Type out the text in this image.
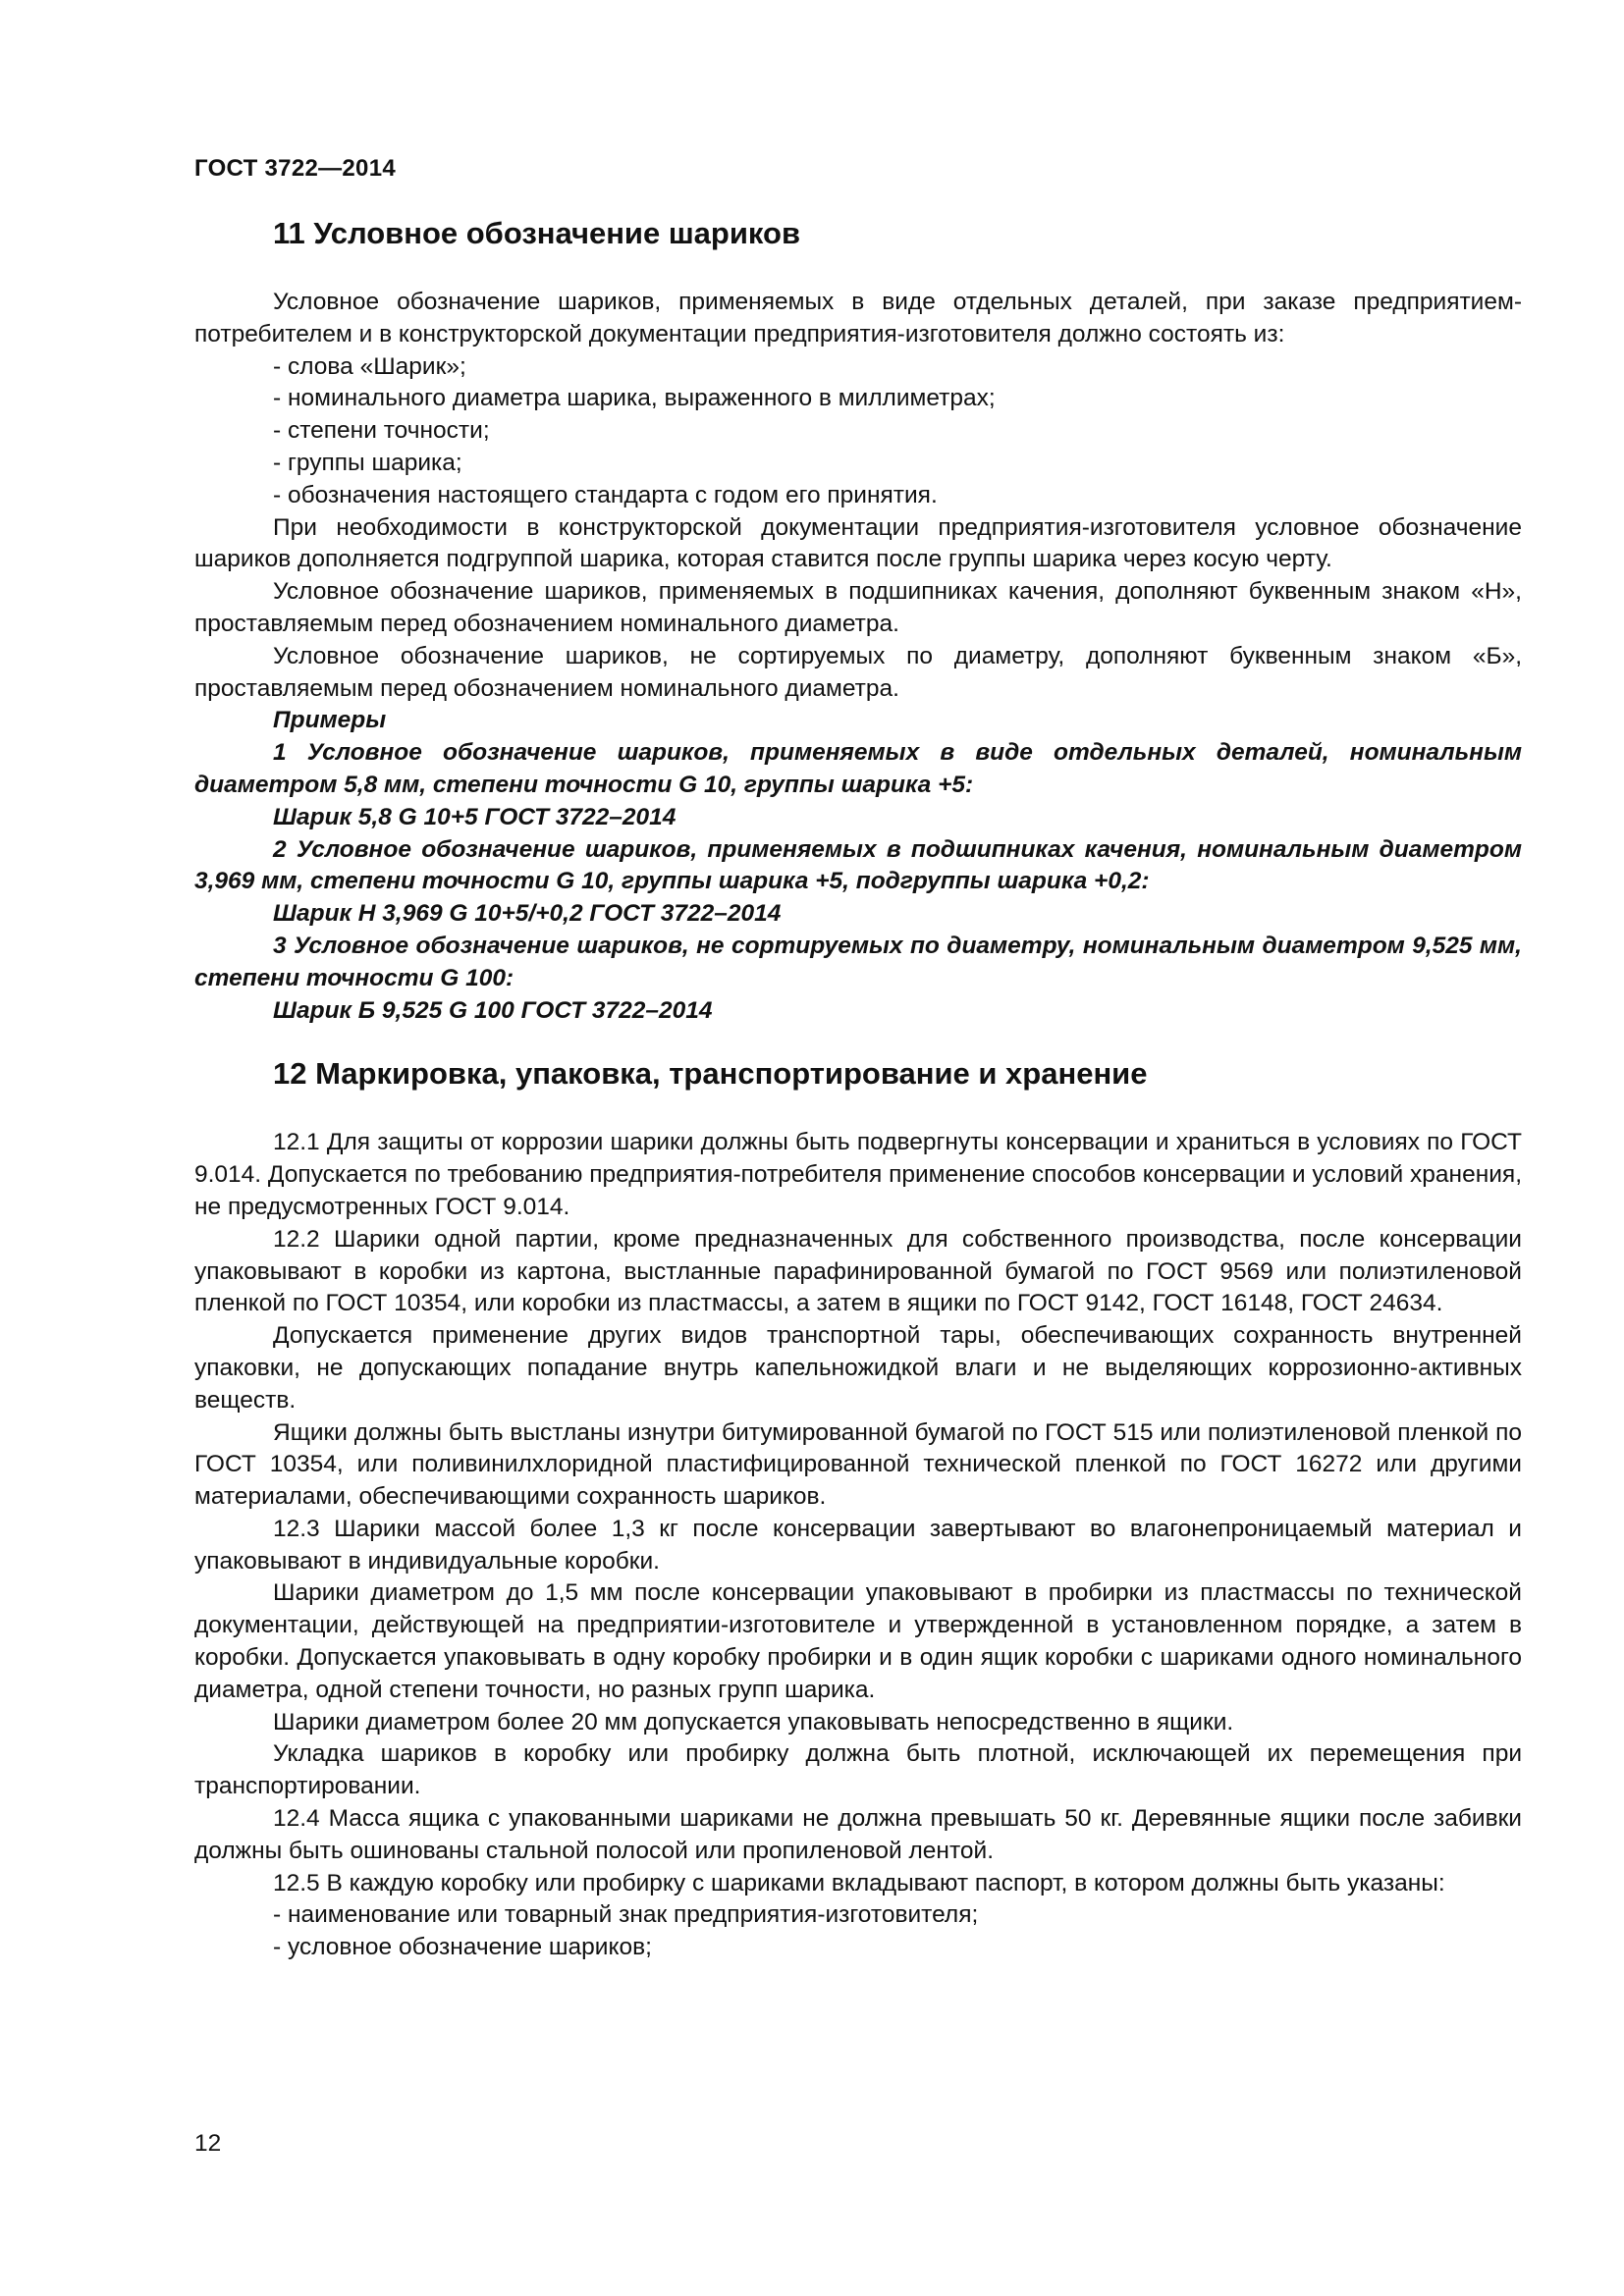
ГОСТ 3722—2014
11 Условное обозначение шариков

Условное обозначение шариков, применяемых в виде отдельных деталей, при заказе предприятием-потребителем и в конструкторской документации предприятия-изготовителя должно состоять из:

- слова «Шарик»;

- номинального диаметра шарика, выраженного в миллиметрах;

- степени точности;

- группы шарика;

- обозначения настоящего стандарта с годом его принятия.

При необходимости в конструкторской документации предприятия-изготовителя условное обозначение шариков дополняется подгруппой шарика, которая ставится после группы шарика через косую черту.

Условное обозначение шариков, применяемых в подшипниках качения, дополняют буквенным знаком «Н», проставляемым перед обозначением номинального диаметра.

Условное обозначение шариков, не сортируемых по диаметру, дополняют буквенным знаком «Б», проставляемым перед обозначением номинального диаметра.

Примеры

1 Условное обозначение шариков, применяемых в виде отдельных деталей, номинальным диаметром 5,8 мм, степени точности G 10, группы шарика +5:

Шарик 5,8 G 10+5 ГОСТ 3722–2014

2 Условное обозначение шариков, применяемых в подшипниках качения, номинальным диаметром 3,969 мм, степени точности G 10, группы шарика +5, подгруппы шарика +0,2:

Шарик Н 3,969 G 10+5/+0,2 ГОСТ 3722–2014

3 Условное обозначение шариков, не сортируемых по диаметру, номинальным диаметром 9,525 мм, степени точности G 100:

Шарик Б 9,525 G 100 ГОСТ 3722–2014

12 Маркировка, упаковка, транспортирование и хранение

12.1 Для защиты от коррозии шарики должны быть подвергнуты консервации и храниться в условиях по ГОСТ 9.014. Допускается по требованию предприятия-потребителя применение способов консервации и условий хранения, не предусмотренных ГОСТ 9.014.

12.2 Шарики одной партии, кроме предназначенных для собственного производства, после консервации упаковывают в коробки из картона, выстланные парафинированной бумагой по ГОСТ 9569 или полиэтиленовой пленкой по ГОСТ 10354, или коробки из пластмассы, а затем в ящики по ГОСТ 9142, ГОСТ 16148, ГОСТ 24634.

Допускается применение других видов транспортной тары, обеспечивающих сохранность внутренней упаковки, не допускающих попадание внутрь капельножидкой влаги и не выделяющих коррозионно-активных веществ.

Ящики должны быть выстланы изнутри битумированной бумагой по ГОСТ 515 или полиэтиленовой пленкой по ГОСТ 10354, или поливинилхлоридной пластифицированной технической пленкой по ГОСТ 16272 или другими материалами, обеспечивающими сохранность шариков.

12.3 Шарики массой более 1,3 кг после консервации завертывают во влагонепроницаемый материал и упаковывают в индивидуальные коробки.

Шарики диаметром до 1,5 мм после консервации упаковывают в пробирки из пластмассы по технической документации, действующей на предприятии-изготовителе и утвержденной в установленном порядке, а затем в коробки. Допускается упаковывать в одну коробку пробирки и в один ящик коробки с шариками одного номинального диаметра, одной степени точности, но разных групп шарика.

Шарики диаметром более 20 мм допускается упаковывать непосредственно в ящики.

Укладка шариков в коробку или пробирку должна быть плотной, исключающей их перемещения при транспортировании.

12.4 Масса ящика с упакованными шариками не должна превышать 50 кг. Деревянные ящики после забивки должны быть ошинованы стальной полосой или пропиленовой лентой.

12.5 В каждую коробку или пробирку с шариками вкладывают паспорт, в котором должны быть указаны:

- наименование или товарный знак предприятия-изготовителя;

- условное обозначение шариков;

12
